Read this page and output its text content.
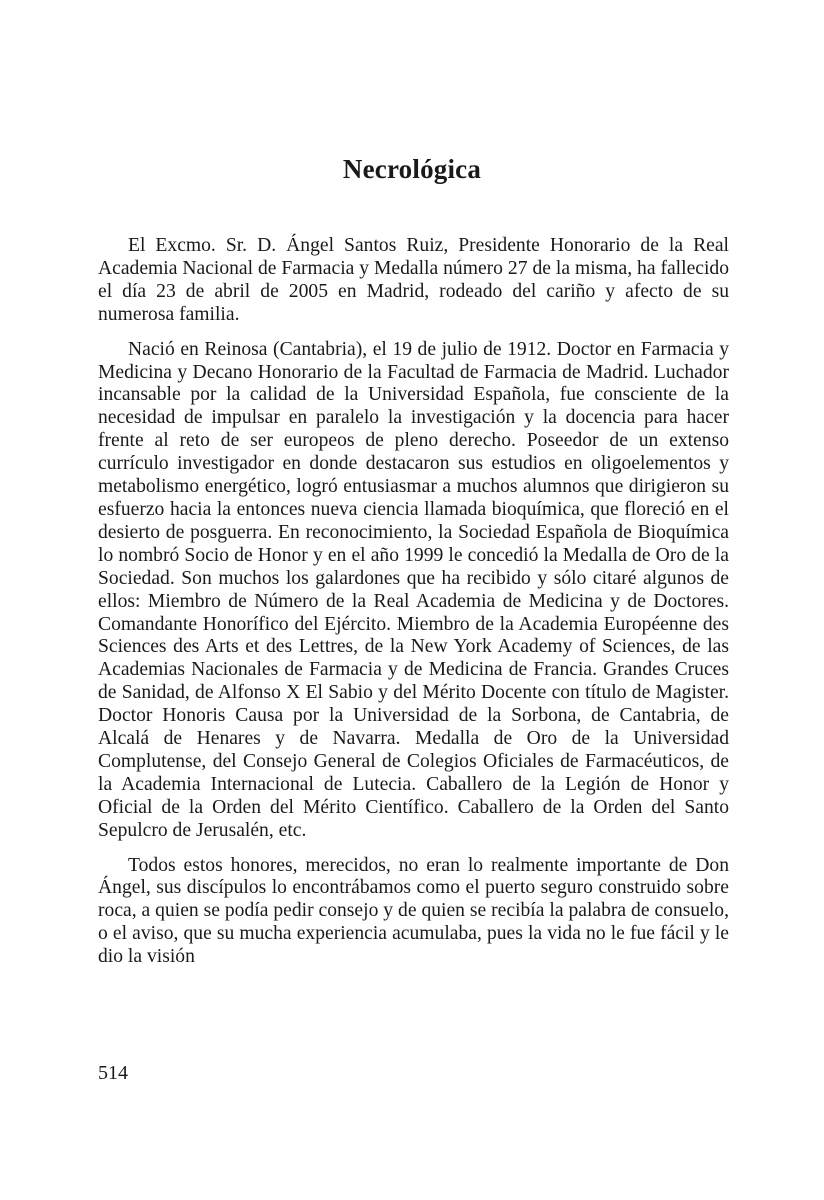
Necrológica

El Excmo. Sr. D. Ángel Santos Ruiz, Presidente Honorario de la Real Academia Nacional de Farmacia y Medalla número 27 de la misma, ha fallecido el día 23 de abril de 2005 en Madrid, rodeado del cariño y afecto de su numerosa familia.

Nació en Reinosa (Cantabria), el 19 de julio de 1912. Doctor en Farmacia y Medicina y Decano Honorario de la Facultad de Farmacia de Madrid. Luchador incansable por la calidad de la Universidad Española, fue consciente de la necesidad de impulsar en paralelo la investigación y la docencia para hacer frente al reto de ser europeos de pleno derecho. Poseedor de un extenso currículo investigador en donde destacaron sus estudios en oligoelementos y metabolismo energético, logró entusiasmar a muchos alumnos que dirigieron su esfuerzo hacia la entonces nueva ciencia llamada bioquímica, que floreció en el desierto de posguerra. En reconocimiento, la Sociedad Española de Bioquímica lo nombró Socio de Honor y en el año 1999 le concedió la Medalla de Oro de la Sociedad. Son muchos los galardones que ha recibido y sólo citaré algunos de ellos: Miembro de Número de la Real Academia de Medicina y de Doctores. Comandante Honorífico del Ejército. Miembro de la Academia Européenne des Sciences des Arts et des Lettres, de la New York Academy of Sciences, de las Academias Nacionales de Farmacia y de Medicina de Francia. Grandes Cruces de Sanidad, de Alfonso X El Sabio y del Mérito Docente con título de Magister. Doctor Honoris Causa por la Universidad de la Sorbona, de Cantabria, de Alcalá de Henares y de Navarra. Medalla de Oro de la Universidad Complutense, del Consejo General de Colegios Oficiales de Farmacéuticos, de la Academia Internacional de Lutecia. Caballero de la Legión de Honor y Oficial de la Orden del Mérito Científico. Caballero de la Orden del Santo Sepulcro de Jerusalén, etc.

Todos estos honores, merecidos, no eran lo realmente importante de Don Ángel, sus discípulos lo encontrábamos como el puerto seguro construido sobre roca, a quien se podía pedir consejo y de quien se recibía la palabra de consuelo, o el aviso, que su mucha experiencia acumulaba, pues la vida no le fue fácil y le dio la visión

514
